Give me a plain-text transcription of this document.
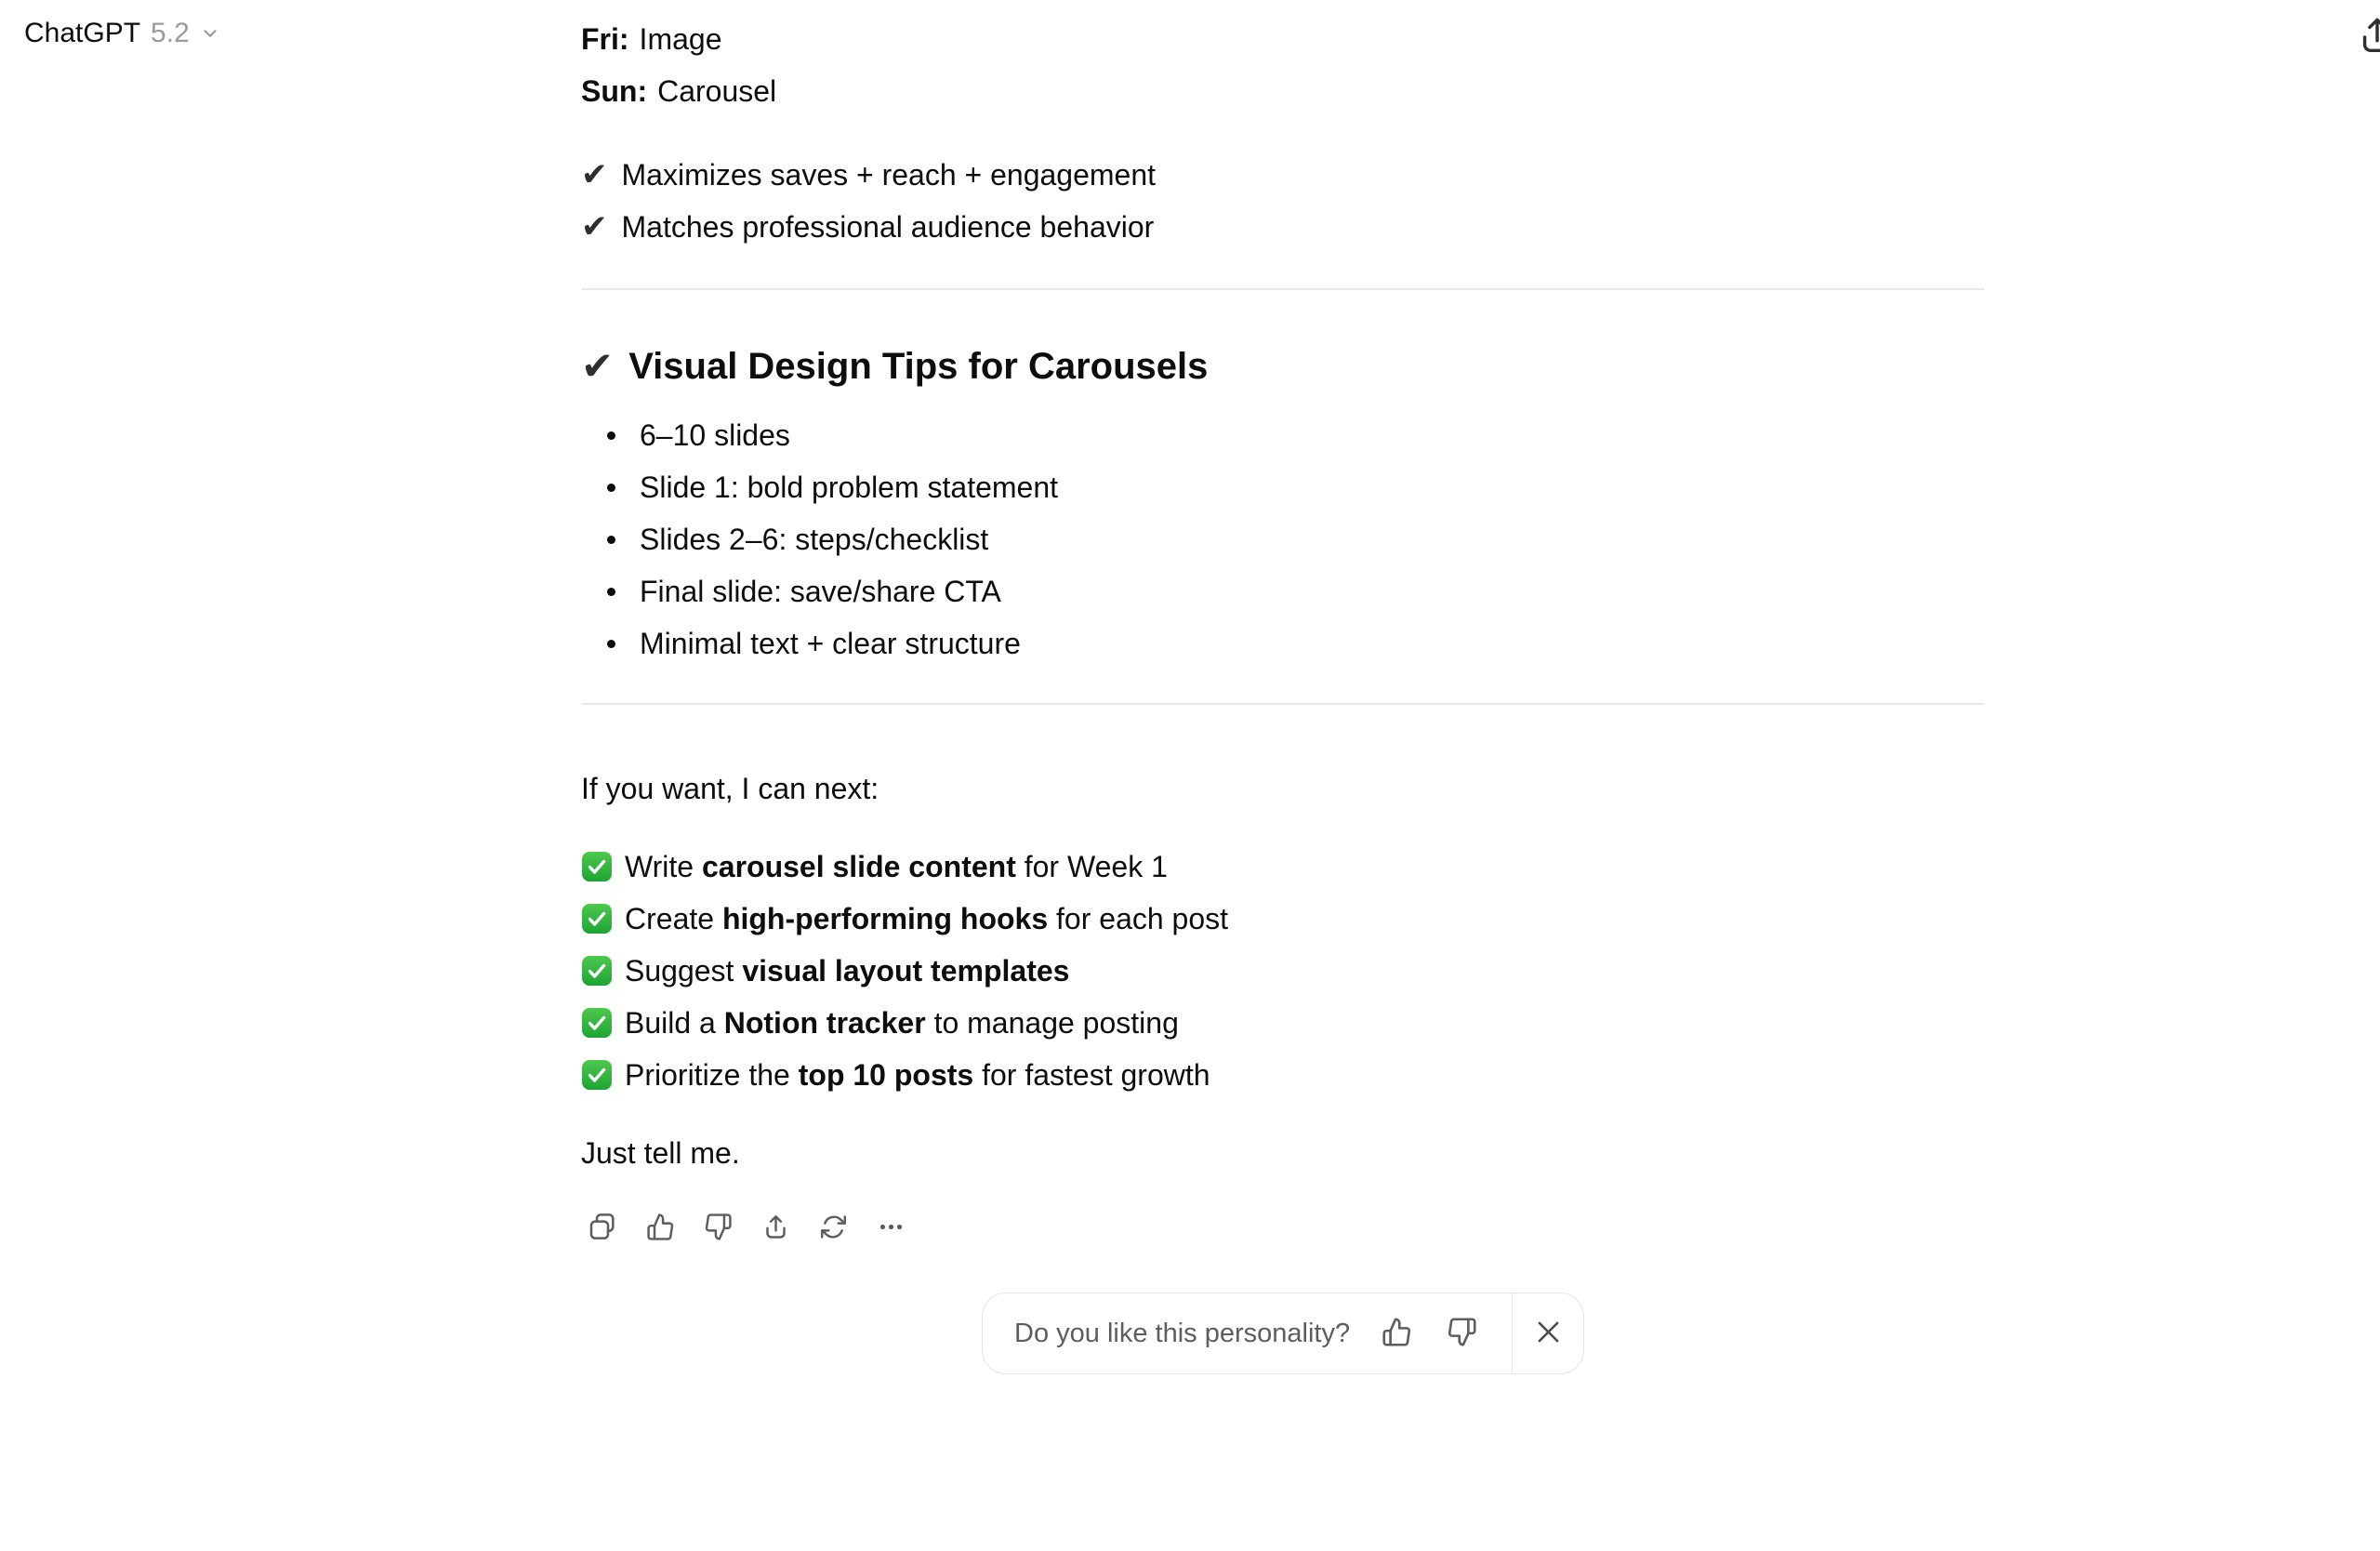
ChatGPT 5.2	Fri: Image
Sun: Carousel
✔ Maximizes saves + reach + engagement
✔ Matches professional audience behavior
✔ Visual Design Tips for Carousels
6–10 slides
Slide 1: bold problem statement
Slides 2–6: steps/checklist
Final slide: save/share CTA
Minimal text + clear structure

If you want, I can next:

Write carousel slide content for Week 1
Create high-performing hooks for each post
Suggest visual layout templates
Build a Notion tracker to manage posting
Prioritize the top 10 posts for fastest growth

Just tell me.

Do you like this personality?
